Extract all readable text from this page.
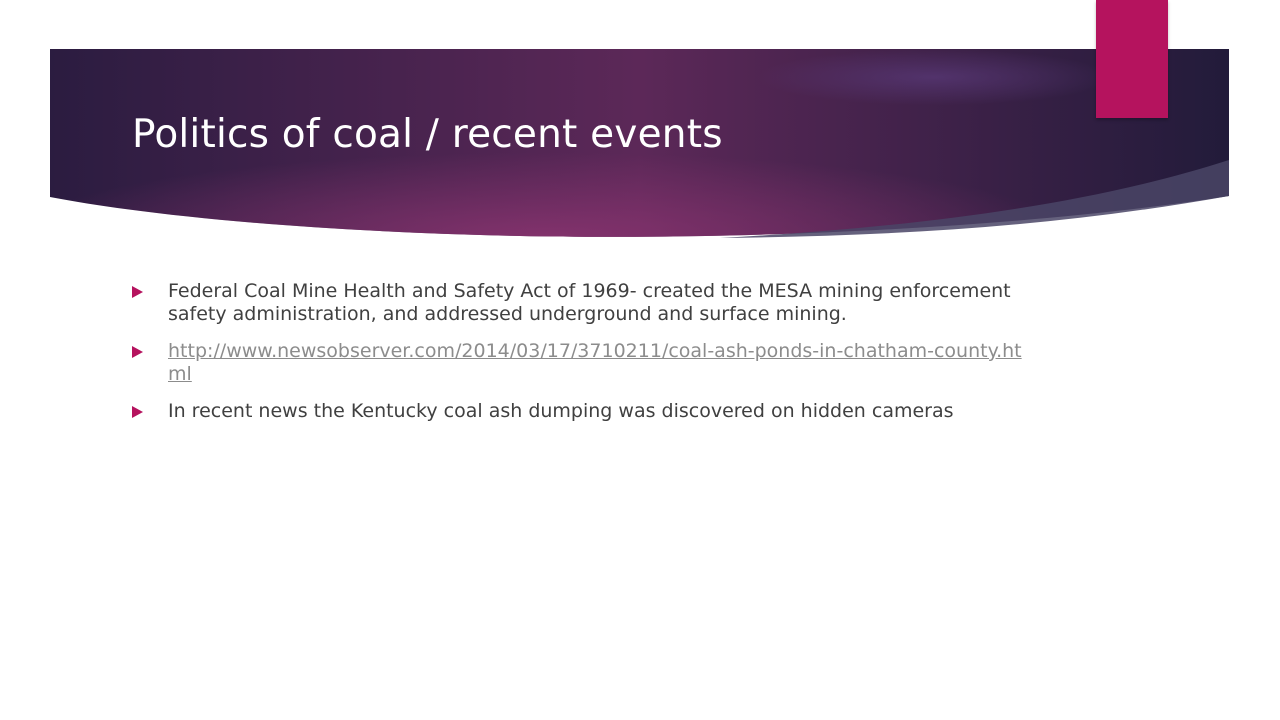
Politics of coal / recent events
Federal Coal Mine Health and Safety Act of 1969- created the MESA mining enforcement safety administration, and addressed underground and surface mining.
http://www.newsobserver.com/2014/03/17/3710211/coal-ash-ponds-in-chatham-county.html
In recent news the Kentucky coal ash dumping was discovered on hidden cameras
